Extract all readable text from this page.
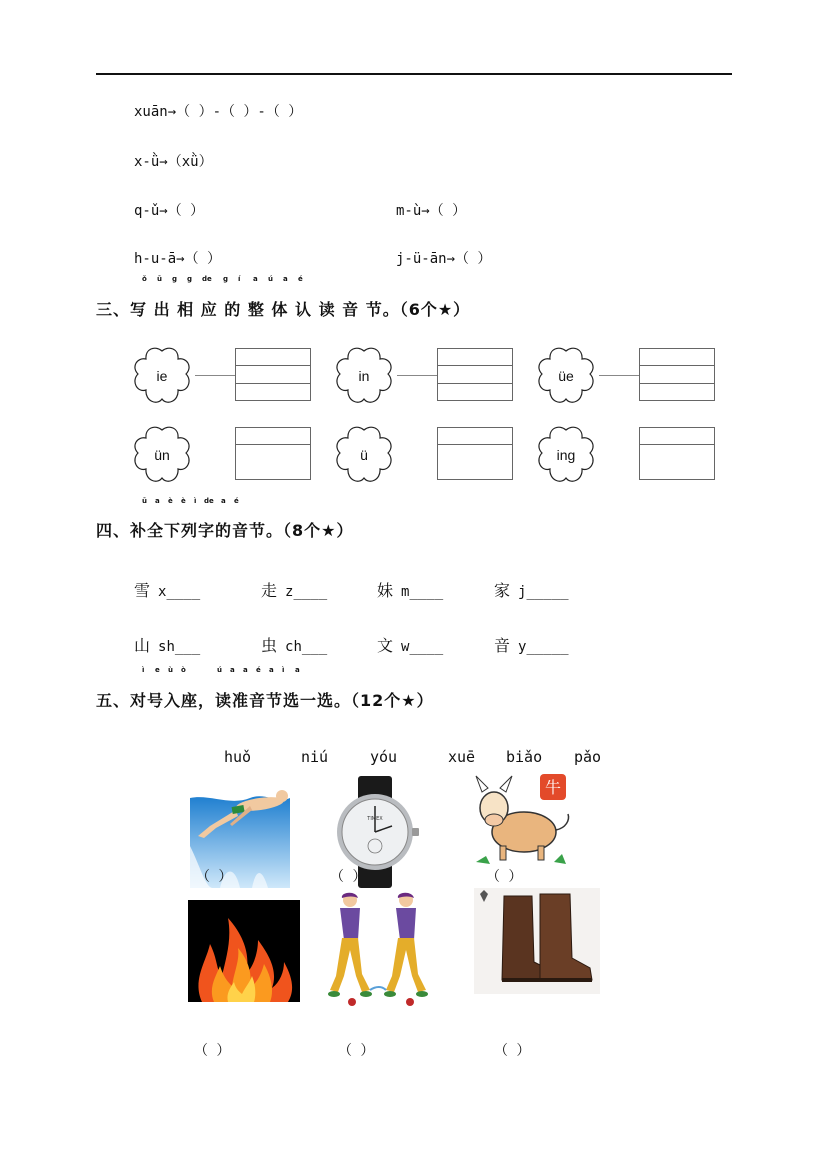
xuān→（ ）-（ ）-（ ）
x-ǜ→（xǜ）
q-ǔ→（ ）	m-ù→（ ）
h-u-ā→（ ）	j-ü-ān→（ ）
ǒ ū g g de g í a ú a é
三、写 出 相 应 的 整 体 认 读 音 节。（6个★）
ie	in	üe
ün	ü	ing
ū a è è ì de a é
四、补全下列字的音节。（8个★）
雪 x____	走 z____	妹 m____	家 j_____
山 sh___	虫 ch___	文 w____	音 y_____
ì e ù ò	ú a a é a ì a
五、对号入座，读准音节选一选。（12个★）
huǒ	niú	yóu	xuē biǎo pǎo
（ ）
TIMEX
（ ）
牛
（ ）
（ ）	（ ）	（ ）
